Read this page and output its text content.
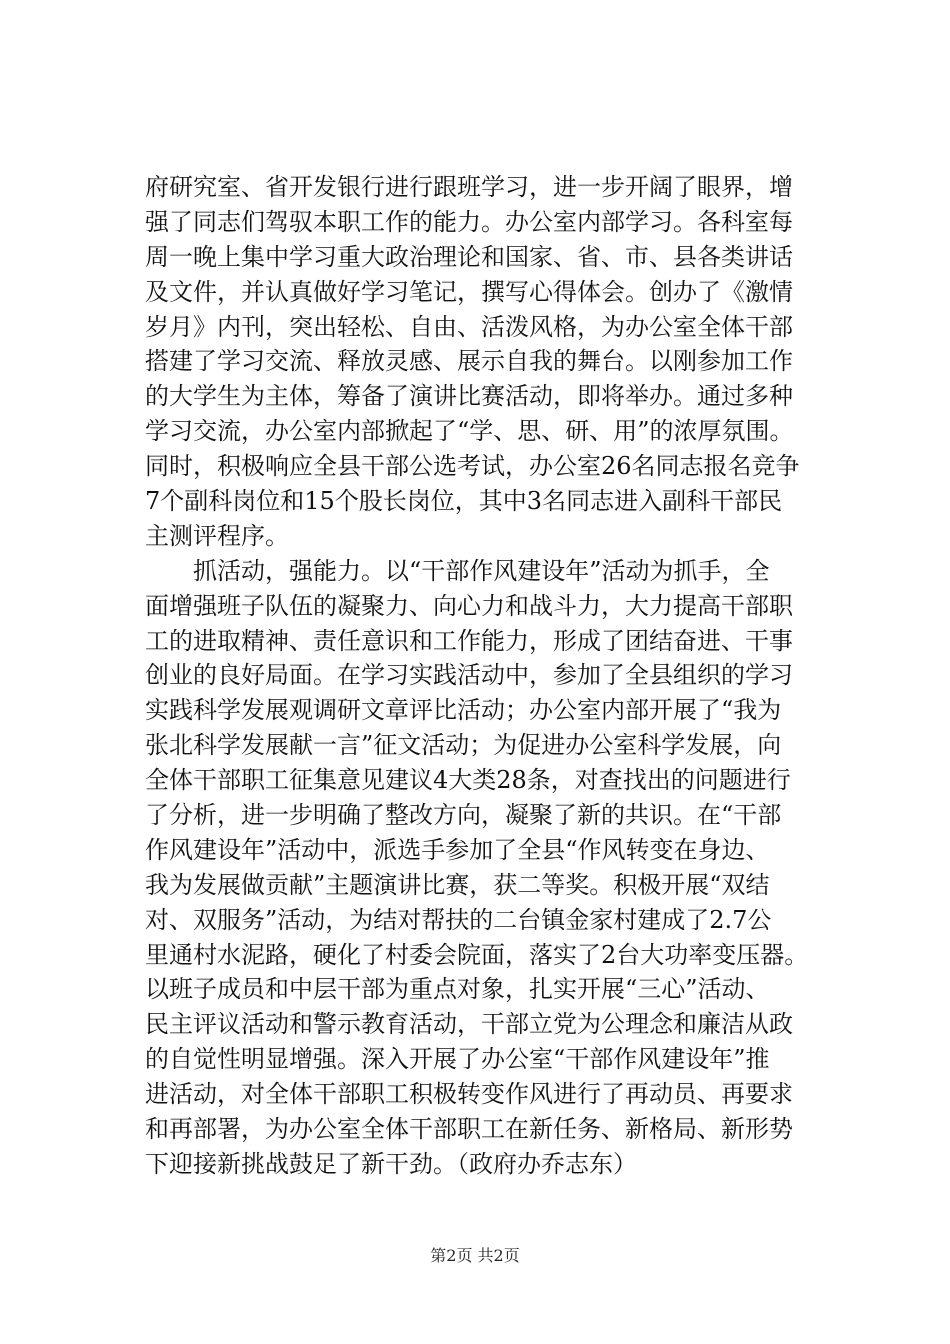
府研究室、省开发银行进行跟班学习，进一步开阔了眼界，增
强了同志们驾驭本职工作的能力。办公室内部学习。各科室每
周一晚上集中学习重大政治理论和国家、省、市、县各类讲话
及文件，并认真做好学习笔记，撰写心得体会。创办了《激情
岁月》内刊，突出轻松、自由、活泼风格，为办公室全体干部
搭建了学习交流、释放灵感、展示自我的舞台。以刚参加工作
的大学生为主体，筹备了演讲比赛活动，即将举办。通过多种
学习交流，办公室内部掀起了“学、思、研、用”的浓厚氛围。
同时，积极响应全县干部公选考试，办公室26名同志报名竞争
7个副科岗位和15个股长岗位，其中3名同志进入副科干部民
主测评程序。
　　抓活动，强能力。以“干部作风建设年”活动为抓手，全
面增强班子队伍的凝聚力、向心力和战斗力，大力提高干部职
工的进取精神、责任意识和工作能力，形成了团结奋进、干事
创业的良好局面。在学习实践活动中，参加了全县组织的学习
实践科学发展观调研文章评比活动；办公室内部开展了“我为
张北科学发展献一言”征文活动；为促进办公室科学发展，向
全体干部职工征集意见建议4大类28条，对查找出的问题进行
了分析，进一步明确了整改方向，凝聚了新的共识。在“干部
作风建设年”活动中，派选手参加了全县“作风转变在身边、
我为发展做贡献”主题演讲比赛，获二等奖。积极开展“双结
对、双服务”活动，为结对帮扶的二台镇金家村建成了2.7公
里通村水泥路，硬化了村委会院面，落实了2台大功率变压器。
以班子成员和中层干部为重点对象，扎实开展“三心”活动、
民主评议活动和警示教育活动，干部立党为公理念和廉洁从政
的自觉性明显增强。深入开展了办公室“干部作风建设年”推
进活动，对全体干部职工积极转变作风进行了再动员、再要求
和再部署，为办公室全体干部职工在新任务、新格局、新形势
下迎接新挑战鼓足了新干劲。（政府办乔志东）
第2页 共2页
